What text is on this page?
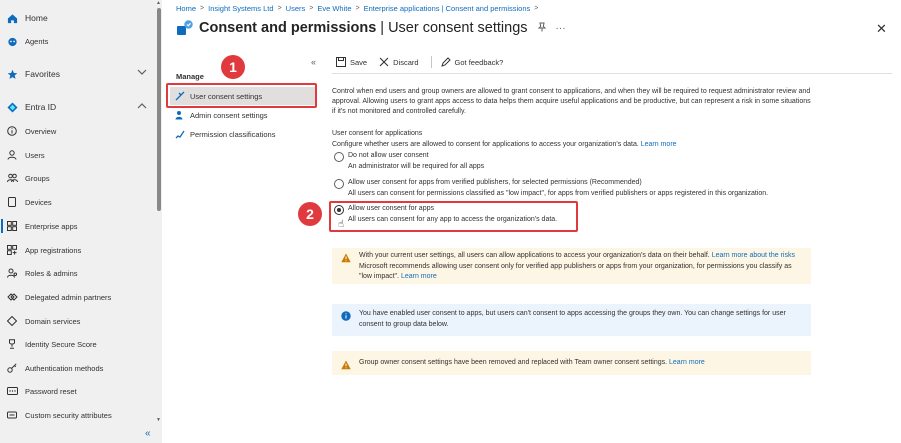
Home
Agents
Favorites
Entra ID
Overview
Users
Groups
Devices
Enterprise apps
App registrations
Roles & admins
Delegated admin partners
Domain services
Identity Secure Score
Authentication methods
Password reset
Custom security attributes
▲
▼
«
Home > Insight Systems Ltd > Users > Eve White > Enterprise applications | Consent and permissions >
Consent and permissions | User consent settings	···	✕
«
Manage
User consent settings
Admin consent settings
Permission classifications
Save	Discard	Got feedback?
Control when end users and group owners are allowed to grant consent to applications, and when they will be required to request administrator review and approval. Allowing users to grant apps access to data helps them acquire useful applications and be productive, but can represent a risk in some situations if it's not monitored and controlled carefully.
User consent for applications
Configure whether users are allowed to consent for applications to access your organization's data. Learn more
Do not allow user consent
An administrator will be required for all apps
Allow user consent for apps from verified publishers, for selected permissions (Recommended)
All users can consent for permissions classified as "low impact", for apps from verified publishers or apps registered in this organization.
Allow user consent for apps
All users can consent for any app to access the organization's data.
☝
With your current user settings, all users can allow applications to access your organization's data on their behalf. Learn more about the risks Microsoft recommends allowing user consent only for verified app publishers or apps from your organization, for permissions you classify as "low impact". Learn more
You have enabled user consent to apps, but users can't consent to apps accessing the groups they own. You can change settings for user consent to group data below.
Group owner consent settings have been removed and replaced with Team owner consent settings. Learn more
1
2
